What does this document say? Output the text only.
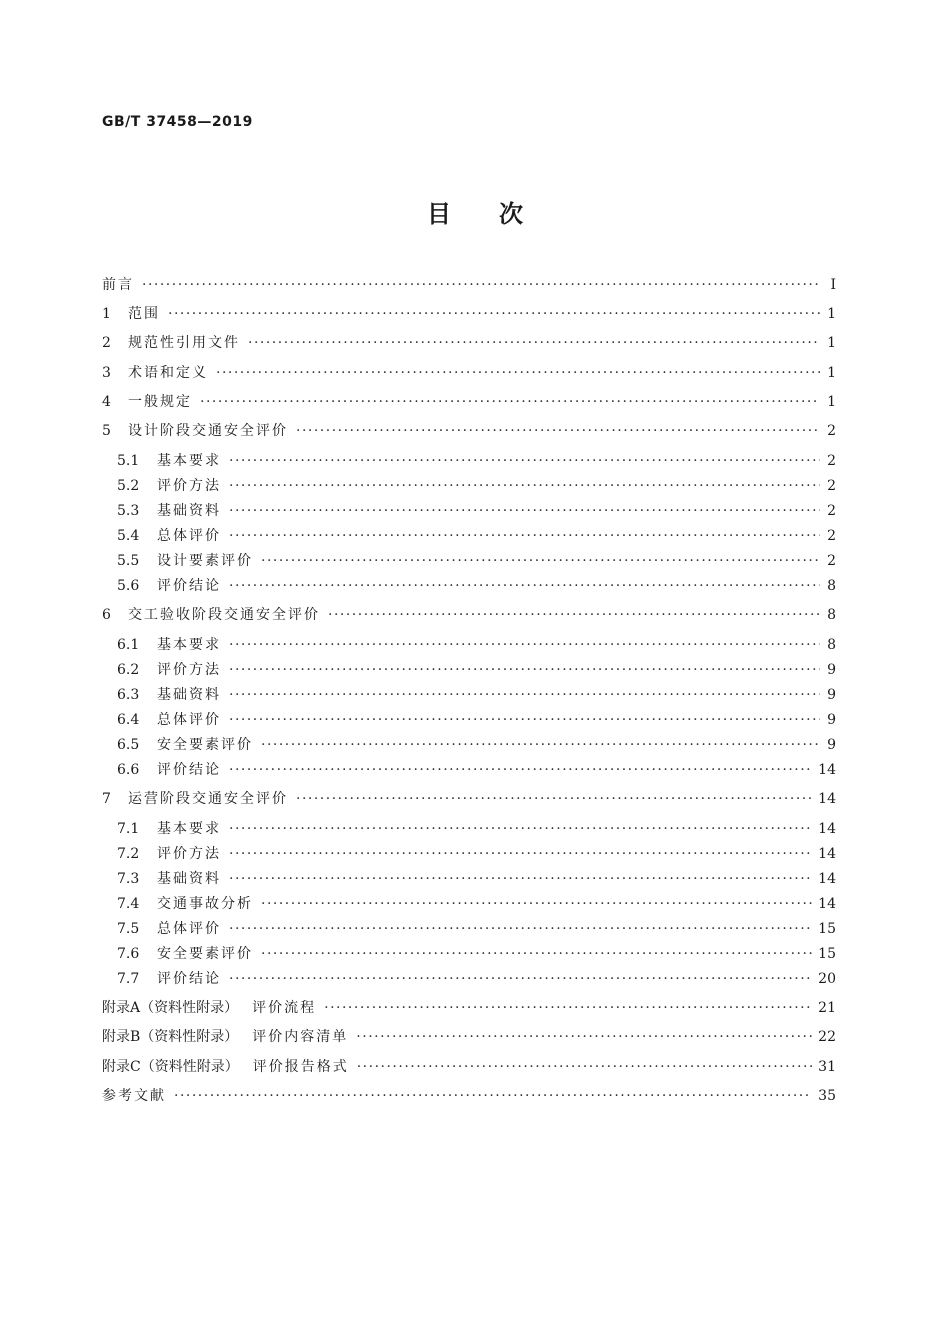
GB/T 37458—2019
目次
前言 ·····	Ⅰ
1	范围 ·····	1
2	规范性引用文件 ·····	1
3	术语和定义 ·····	1
4	一般规定 ·····	1
5	设计阶段交通安全评价 ·····	2
5.1	基本要求 ·····	2
5.2	评价方法 ·····	2
5.3	基础资料 ·····	2
5.4	总体评价 ·····	2
5.5	设计要素评价 ·····	2
5.6	评价结论 ·····	8
6	交工验收阶段交通安全评价 ·····	8
6.1	基本要求 ·····	8
6.2	评价方法 ·····	9
6.3	基础资料 ·····	9
6.4	总体评价 ·····	9
6.5	安全要素评价 ·····	9
6.6	评价结论 ·····	14
7	运营阶段交通安全评价 ·····	14
7.1	基本要求 ·····	14
7.2	评价方法 ·····	14
7.3	基础资料 ·····	14
7.4	交通事故分析 ·····	14
7.5	总体评价 ·····	15
7.6	安全要素评价 ·····	15
7.7	评价结论 ·····	20
附录A（资料性附录） 评价流程 ·····	21
附录B（资料性附录） 评价内容清单 ·····	22
附录C（资料性附录） 评价报告格式 ·····	31
参考文献 ·····	35
